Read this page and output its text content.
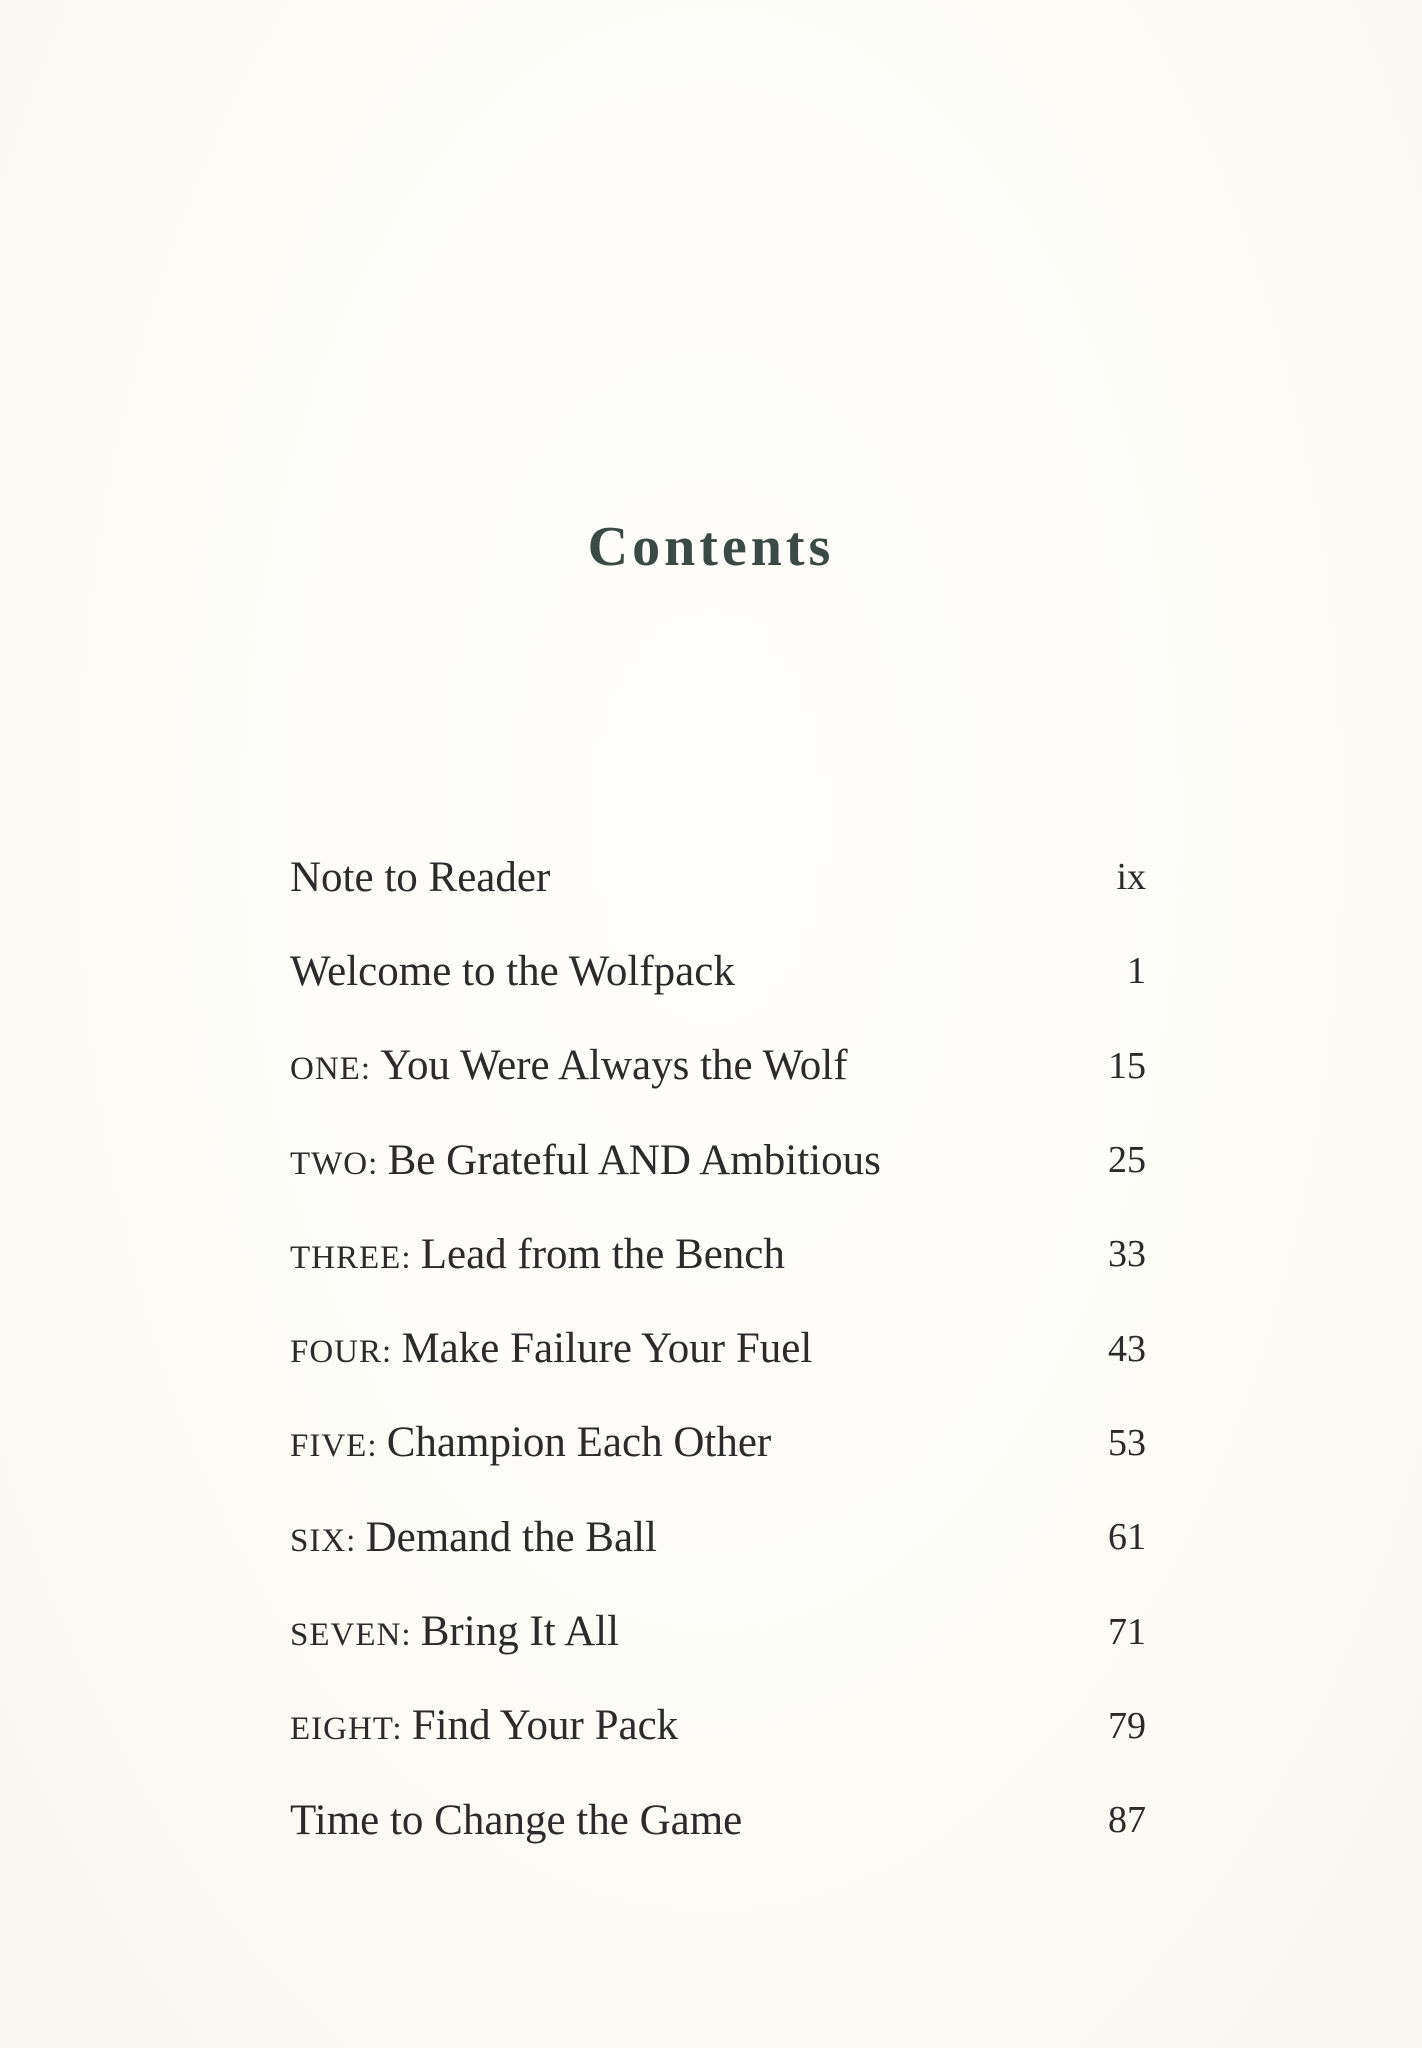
Contents
Note to Reader	ix
Welcome to the Wolfpack	1
ONE: You Were Always the Wolf	15
TWO: Be Grateful AND Ambitious	25
THREE: Lead from the Bench	33
FOUR: Make Failure Your Fuel	43
FIVE: Champion Each Other	53
SIX: Demand the Ball	61
SEVEN: Bring It All	71
EIGHT: Find Your Pack	79
Time to Change the Game	87
